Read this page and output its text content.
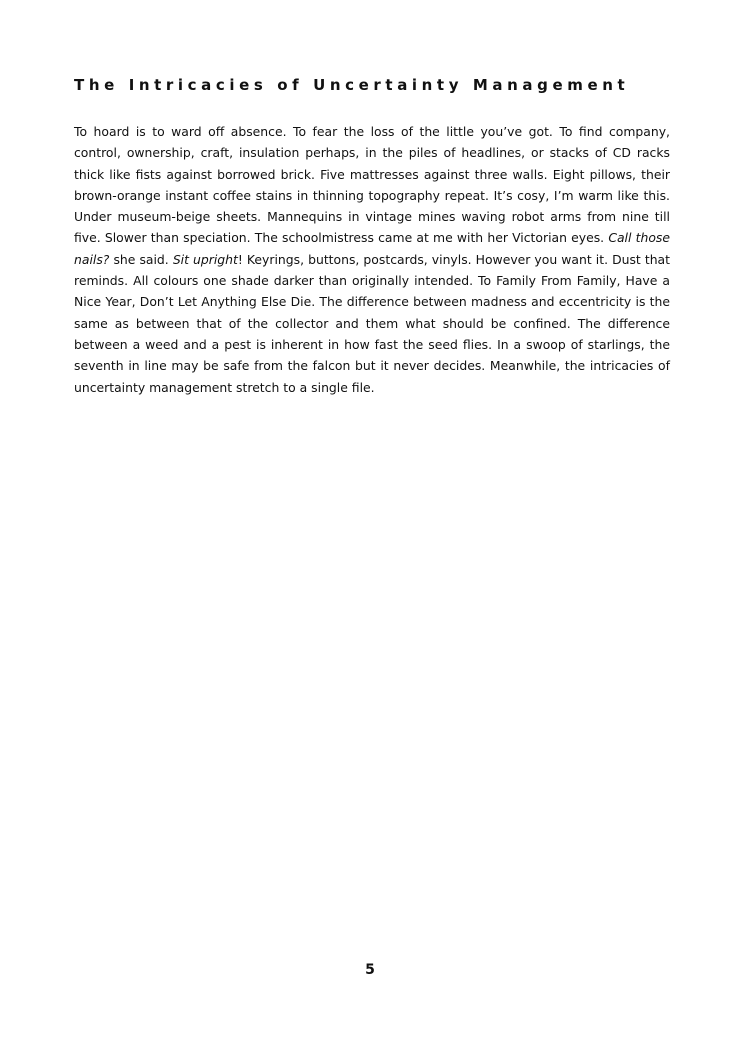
The Intricacies of Uncertainty Management

To hoard is to ward off absence. To fear the loss of the little you’ve got. To find company, control, ownership, craft, insulation perhaps, in the piles of headlines, or stacks of CD racks thick like fists against borrowed brick. Five mattresses against three walls. Eight pillows, their brown-orange instant coffee stains in thinning topography repeat. It’s cosy, I’m warm like this. Under museum-beige sheets. Mannequins in vintage mines waving robot arms from nine till five. Slower than speciation. The schoolmistress came at me with her Victorian eyes. Call those nails? she said. Sit upright! Keyrings, buttons, postcards, vinyls. However you want it. Dust that reminds. All colours one shade darker than originally intended. To Family From Family, Have a Nice Year, Don’t Let Anything Else Die. The difference between madness and eccentricity is the same as between that of the collector and them what should be confined. The difference between a weed and a pest is inherent in how fast the seed flies. In a swoop of starlings, the seventh in line may be safe from the falcon but it never decides. Meanwhile, the intricacies of uncertainty management stretch to a single file.

5
